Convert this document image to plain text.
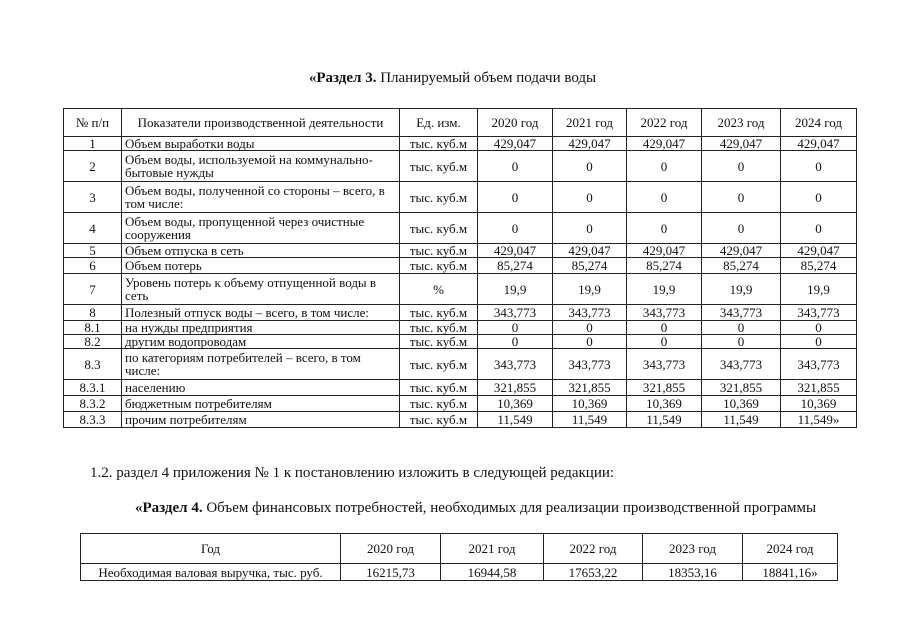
«Раздел 3. Планируемый объем подачи воды
№ п/п	Показатели производственной деятельности	Ед. изм.	2020 год	2021 год	2022 год	2023 год	2024 год
1	Объем выработки воды	тыс. куб.м	429,047	429,047	429,047	429,047	429,047
2	Объем воды, используемой на коммунально-бытовые нужды	тыс. куб.м	0	0	0	0	0
3	Объем воды, полученной со стороны – всего, в том числе:	тыс. куб.м	0	0	0	0	0
4	Объем воды, пропущенной через очистные сооружения	тыс. куб.м	0	0	0	0	0
5	Объем отпуска в сеть	тыс. куб.м	429,047	429,047	429,047	429,047	429,047
6	Объем потерь	тыс. куб.м	85,274	85,274	85,274	85,274	85,274
7	Уровень потерь к объему отпущенной воды в сеть	%	19,9	19,9	19,9	19,9	19,9
8	Полезный отпуск воды – всего, в том числе:	тыс. куб.м	343,773	343,773	343,773	343,773	343,773
8.1	на нужды предприятия	тыс. куб.м	0	0	0	0	0
8.2	другим водопроводам	тыс. куб.м	0	0	0	0	0
8.3	по категориям потребителей – всего, в том числе:	тыс. куб.м	343,773	343,773	343,773	343,773	343,773
8.3.1	населению	тыс. куб.м	321,855	321,855	321,855	321,855	321,855
8.3.2	бюджетным потребителям	тыс. куб.м	10,369	10,369	10,369	10,369	10,369
8.3.3	прочим потребителям	тыс. куб.м	11,549	11,549	11,549	11,549	11,549»
1.2. раздел 4 приложения № 1 к постановлению изложить в следующей редакции:
«Раздел 4. Объем финансовых потребностей, необходимых для реализации производственной программы
Год	2020 год	2021 год	2022 год	2023 год	2024 год
Необходимая валовая выручка, тыс. руб.	16215,73	16944,58	17653,22	18353,16	18841,16»
